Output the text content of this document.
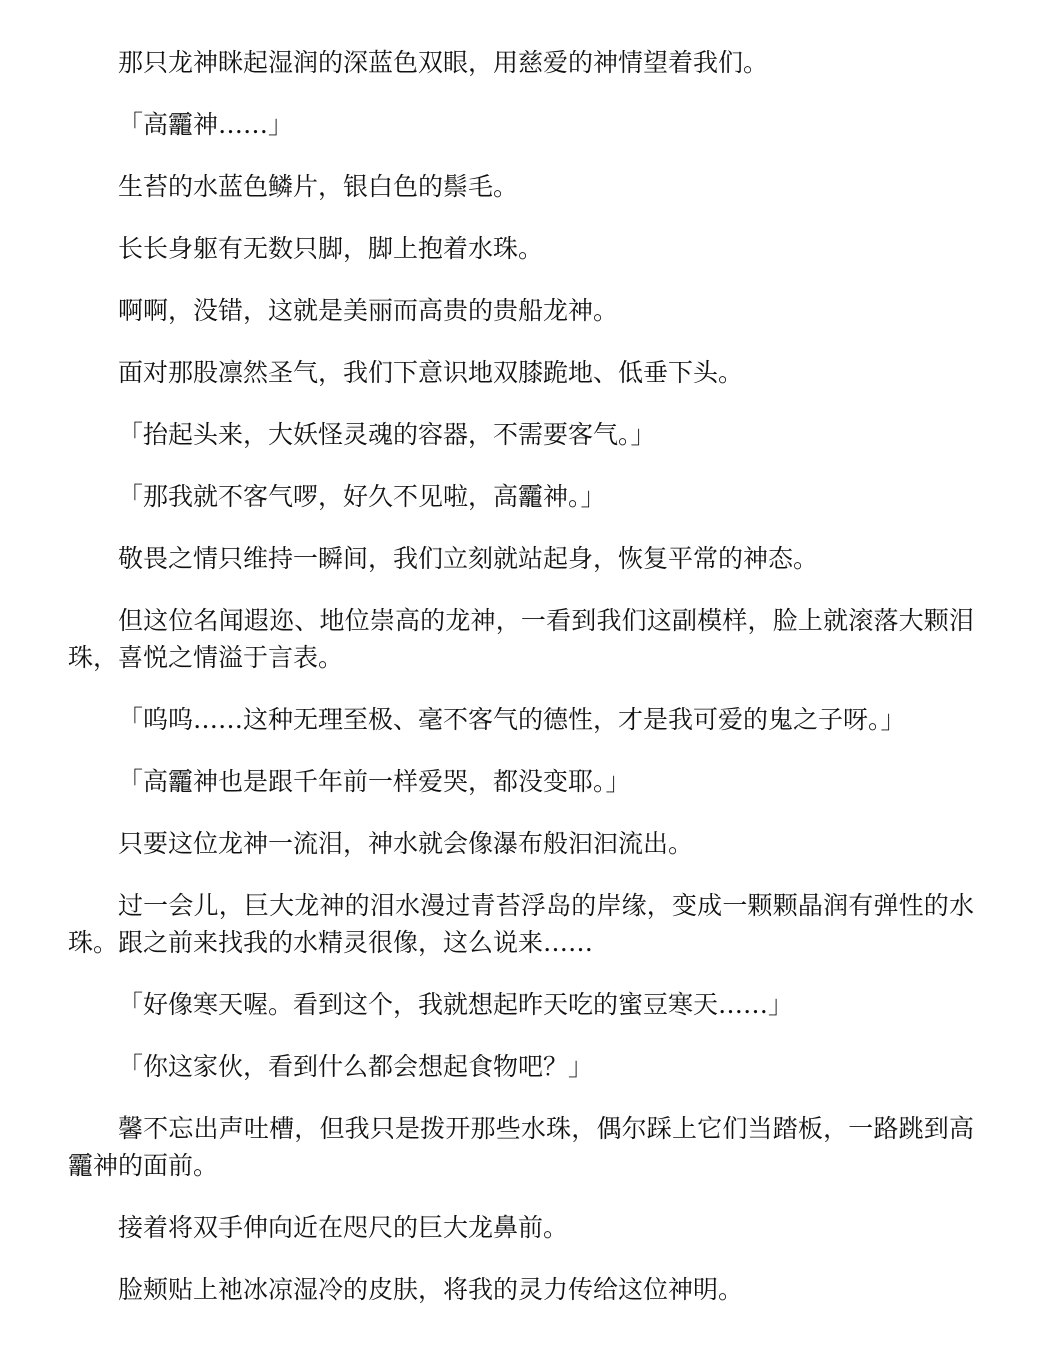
那只龙神眯起湿润的深蓝色双眼，用慈爱的神情望着我们。

「高龗神……」

生苔的水蓝色鳞片，银白色的鬃毛。

长长身躯有无数只脚，脚上抱着水珠。

啊啊，没错，这就是美丽而高贵的贵船龙神。

面对那股凛然圣气，我们下意识地双膝跪地、低垂下头。

「抬起头来，大妖怪灵魂的容器，不需要客气。」

「那我就不客气啰，好久不见啦，高龗神。」

敬畏之情只维持一瞬间，我们立刻就站起身，恢复平常的神态。

但这位名闻遐迩、地位崇高的龙神，一看到我们这副模样，脸上就滚落大颗泪珠，喜悦之情溢于言表。

「呜呜……这种无理至极、毫不客气的德性，才是我可爱的鬼之子呀。」

「高龗神也是跟千年前一样爱哭，都没变耶。」

只要这位龙神一流泪，神水就会像瀑布般汩汩流出。

过一会儿，巨大龙神的泪水漫过青苔浮岛的岸缘，变成一颗颗晶润有弹性的水珠。跟之前来找我的水精灵很像，这么说来……

「好像寒天喔。看到这个，我就想起昨天吃的蜜豆寒天……」

「你这家伙，看到什么都会想起食物吧？」

馨不忘出声吐槽，但我只是拨开那些水珠，偶尔踩上它们当踏板，一路跳到高龗神的面前。

接着将双手伸向近在咫尺的巨大龙鼻前。

脸颊贴上祂冰凉湿冷的皮肤，将我的灵力传给这位神明。
